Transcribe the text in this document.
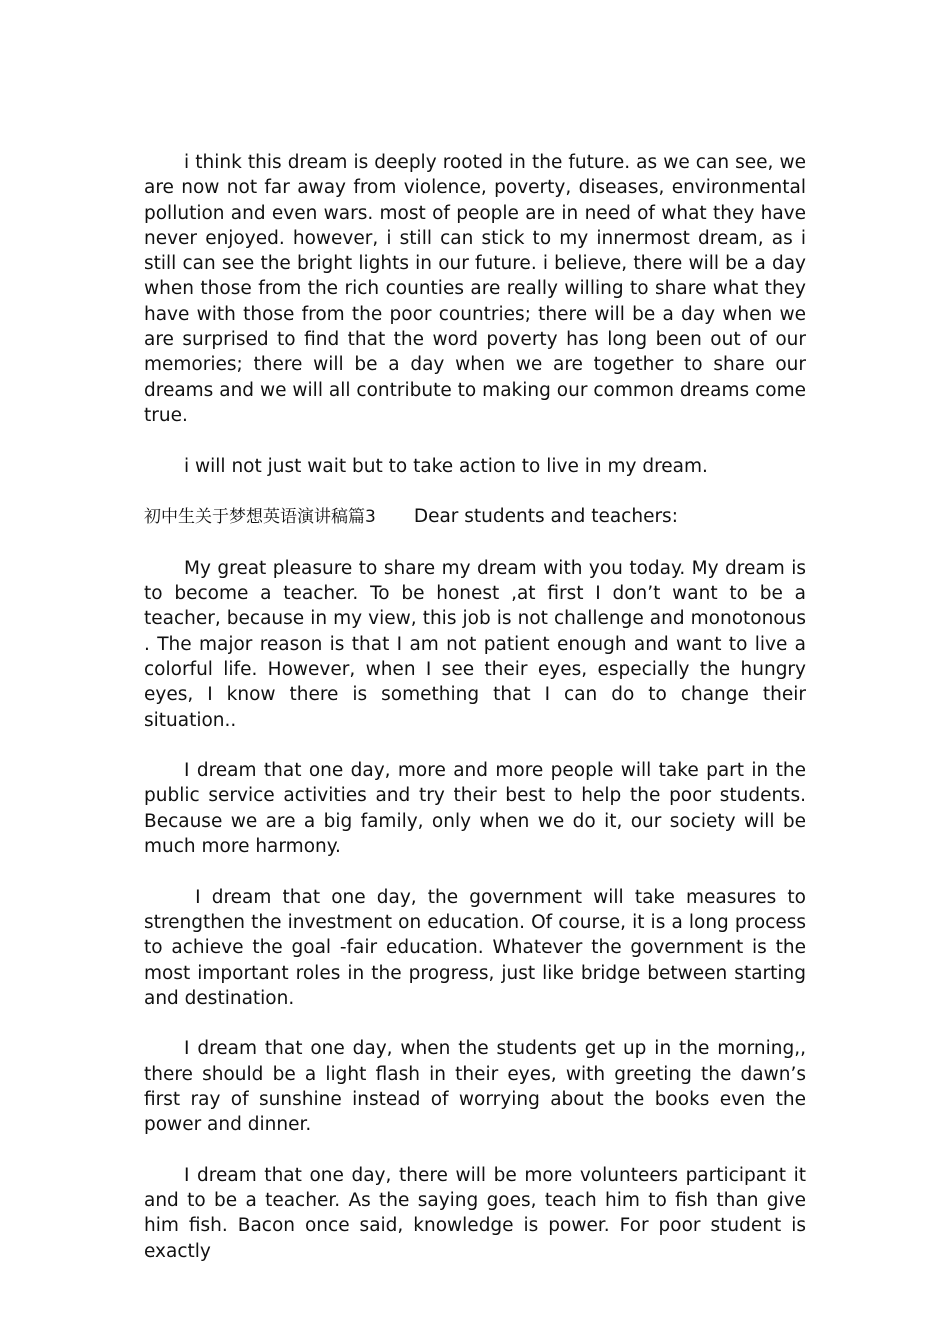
i think this dream is deeply rooted in the future. as we can see, we are now not far away from violence, poverty, diseases, environmental pollution and even wars. most of people are in need of what they have never enjoyed. however, i still can stick to my innermost dream, as i still can see the bright lights in our future. i believe, there will be a day when those from the rich counties are really willing to share what they have with those from the poor countries; there will be a day when we are surprised to find that the word poverty has long been out of our memories; there will be a day when we are together to share our dreams and we will all contribute to making our common dreams come true.

i will not just wait but to take action to live in my dream.

初中生关于梦想英语演讲稿篇3 Dear students and teachers:

My great pleasure to share my dream with you today. My dream is to become a teacher. To be honest ,at first I don’t want to be a teacher, because in my view, this job is not challenge and monotonous . The major reason is that I am not patient enough and want to live a colorful life. However, when I see their eyes, especially the hungry eyes, I know there is something that I can do to change their situation..

I dream that one day, more and more people will take part in the public service activities and try their best to help the poor students. Because we are a big family, only when we do it, our society will be much more harmony.

I dream that one day, the government will take measures to strengthen the investment on education. Of course, it is a long process to achieve the goal -fair education. Whatever the government is the most important roles in the progress, just like bridge between starting and destination.

I dream that one day, when the students get up in the morning,, there should be a light flash in their eyes, with greeting the dawn’s first ray of sunshine instead of worrying about the books even the power and dinner.

I dream that one day, there will be more volunteers participant it and to be a teacher. As the saying goes, teach him to fish than give him fish. Bacon once said, knowledge is power. For poor student is exactly
